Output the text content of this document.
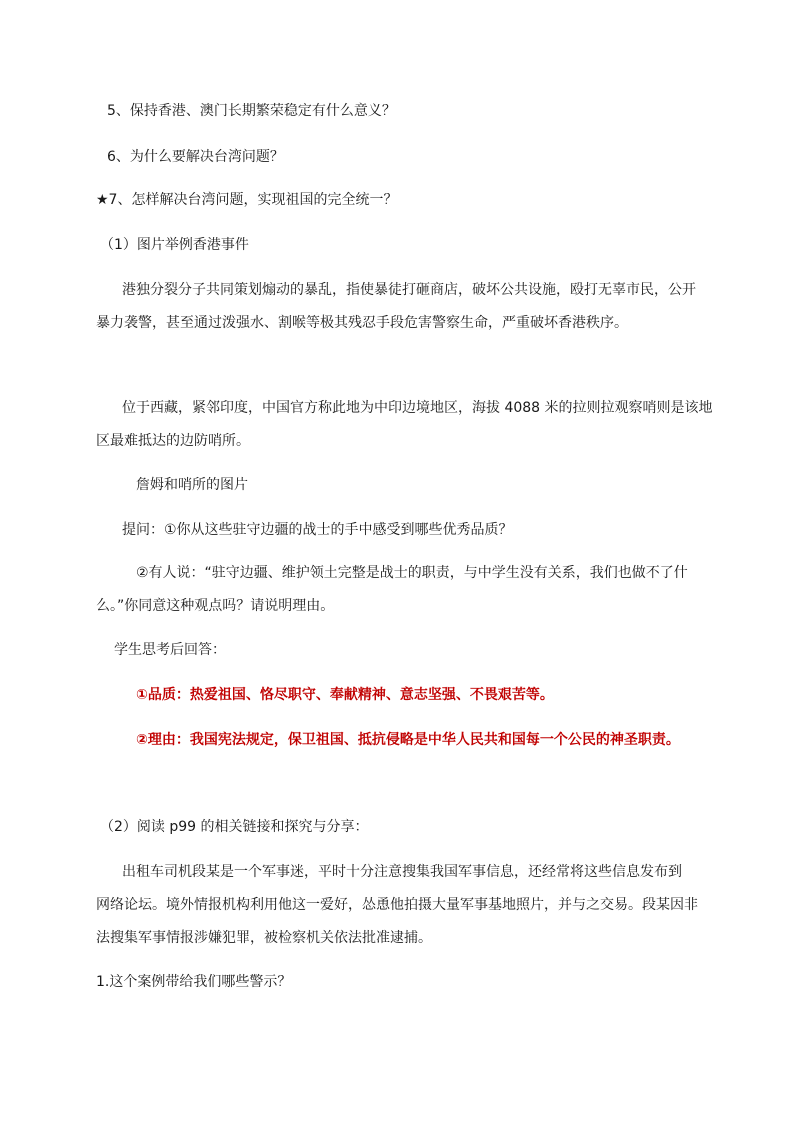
5、保持香港、澳门长期繁荣稳定有什么意义？
6、为什么要解决台湾问题？
★7、怎样解决台湾问题，实现祖国的完全统一？
（1）图片举例香港事件
港独分裂分子共同策划煽动的暴乱，指使暴徒打砸商店，破坏公共设施，殴打无辜市民，公开
暴力袭警，甚至通过泼强水、割喉等极其残忍手段危害警察生命，严重破坏香港秩序。
位于西藏，紧邻印度，中国官方称此地为中印边境地区，海拔 4088 米的拉则拉观察哨则是该地
区最难抵达的边防哨所。
詹姆和哨所的图片
提问：①你从这些驻守边疆的战士的手中感受到哪些优秀品质？
②有人说：“驻守边疆、维护领土完整是战士的职责，与中学生没有关系，我们也做不了什
么。”你同意这种观点吗？请说明理由。
学生思考后回答：
①品质：热爱祖国、恪尽职守、奉献精神、意志坚强、不畏艰苦等。
②理由：我国宪法规定，保卫祖国、抵抗侵略是中华人民共和国每一个公民的神圣职责。
（2）阅读 p99 的相关链接和探究与分享：
出租车司机段某是一个军事迷，平时十分注意搜集我国军事信息，还经常将这些信息发布到
网络论坛。境外情报机构利用他这一爱好，怂恿他拍摄大量军事基地照片，并与之交易。段某因非
法搜集军事情报涉嫌犯罪，被检察机关依法批准逮捕。
1.这个案例带给我们哪些警示？
